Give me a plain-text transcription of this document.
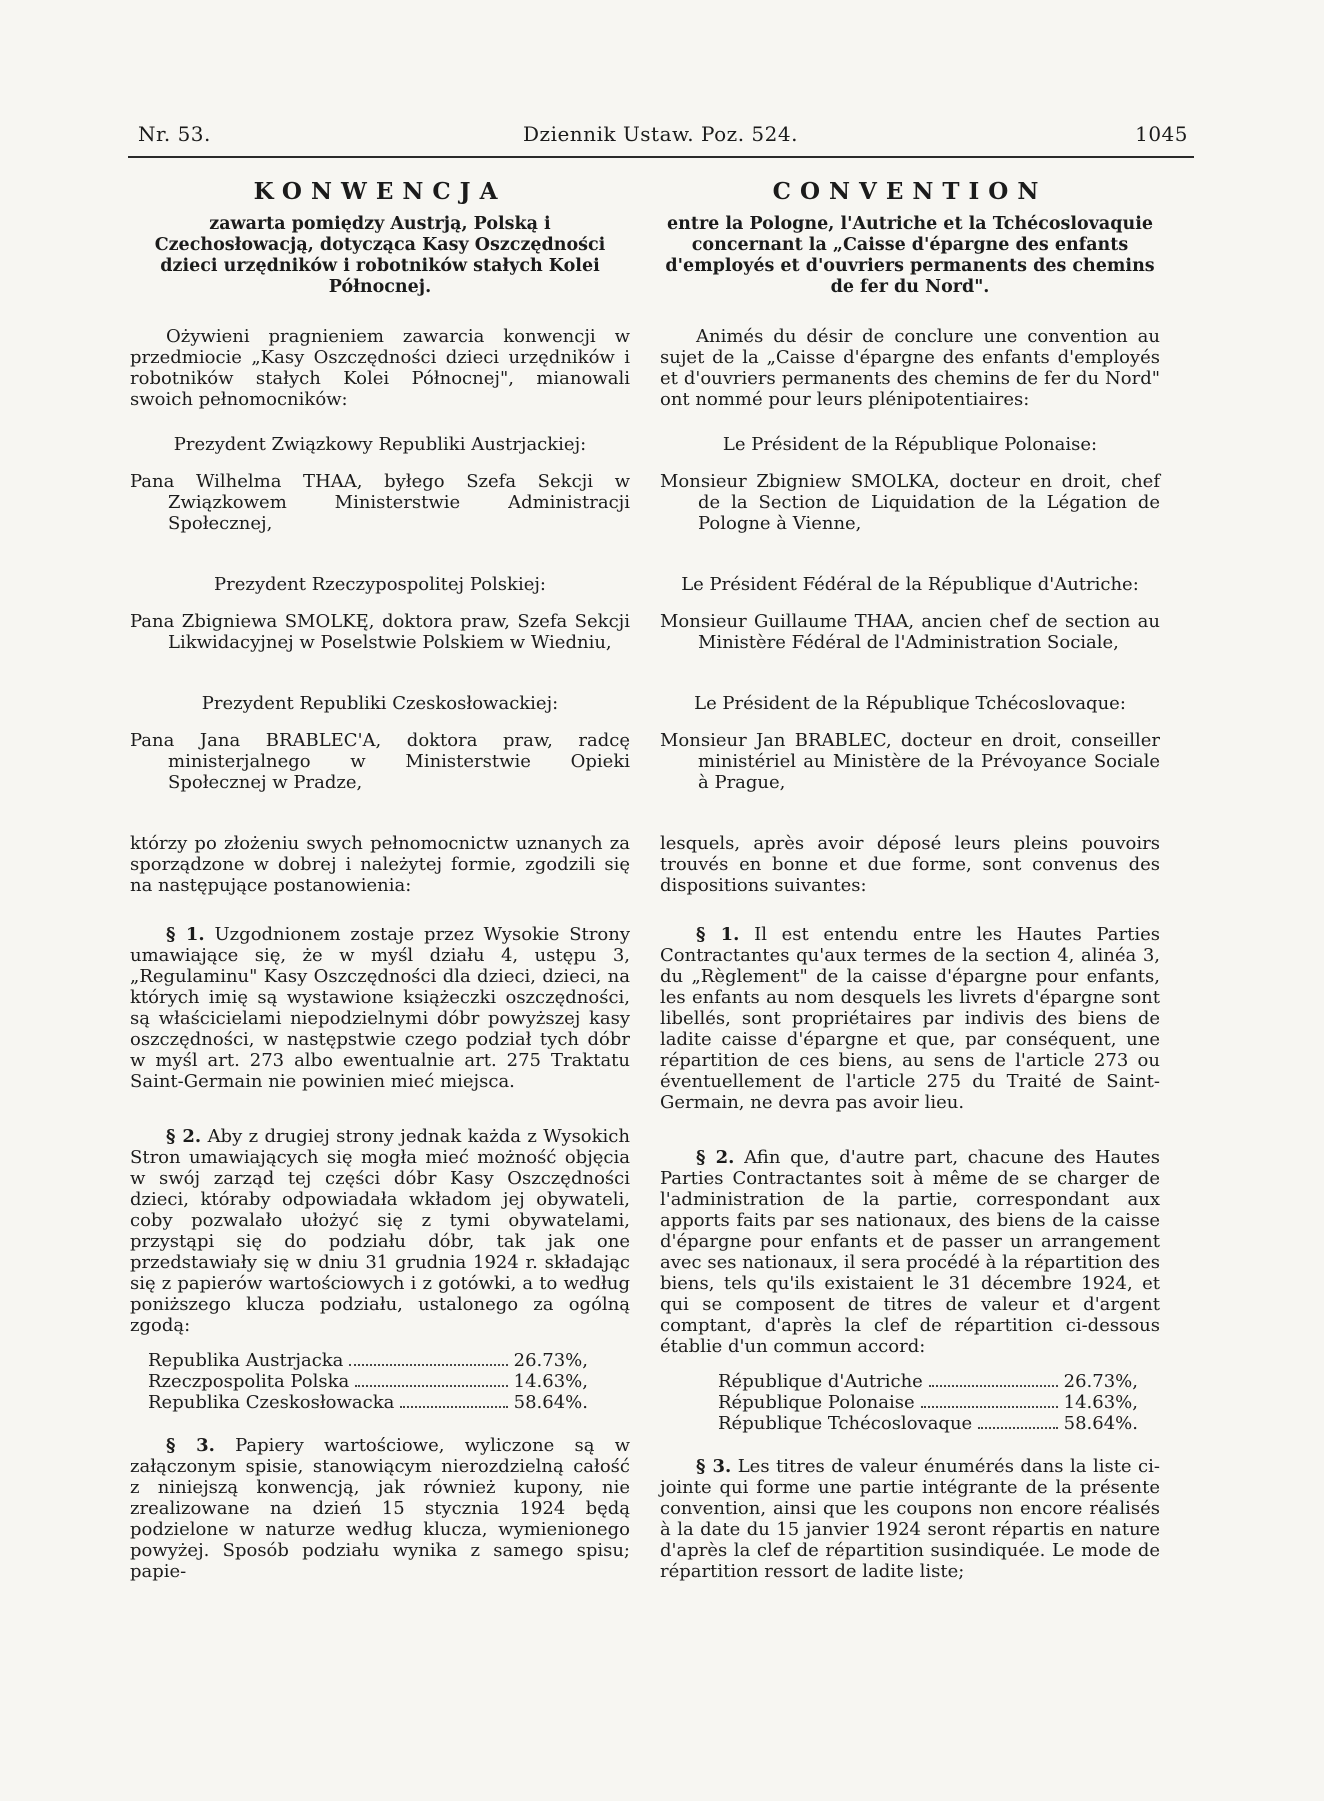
Nr. 53.	Dziennik Ustaw. Poz. 524.	1045
KONWENCJA
zawarta pomiędzy Austrją, Polską i Czechosłowacją, dotycząca Kasy Oszczędności dzieci urzędników i robotników stałych Kolei Północnej.

Ożywieni pragnieniem zawarcia konwencji w przedmiocie „Kasy Oszczędności dzieci urzędników i robotników stałych Kolei Północnej", mianowali swoich pełnomocników:

Prezydent Związkowy Republiki Austrjackiej:

Pana Wilhelma THAA, byłego Szefa Sekcji w Związkowem Ministerstwie Administracji Społecznej,

Prezydent Rzeczypospolitej Polskiej:

Pana Zbigniewa SMOLKĘ, doktora praw, Szefa Sekcji Likwidacyjnej w Poselstwie Polskiem w Wiedniu,

Prezydent Republiki Czeskosłowackiej:

Pana Jana BRABLEC'A, doktora praw, radcę ministerjalnego w Ministerstwie Opieki Społecznej w Pradze,

którzy po złożeniu swych pełnomocnictw uznanych za sporządzone w dobrej i należytej formie, zgodzili się na następujące postanowienia:

§ 1. Uzgodnionem zostaje przez Wysokie Strony umawiające się, że w myśl działu 4, ustępu 3, „Regulaminu" Kasy Oszczędności dla dzieci, dzieci, na których imię są wystawione książeczki oszczędności, są właścicielami niepodzielnymi dóbr powyższej kasy oszczędności, w następstwie czego podział tych dóbr w myśl art. 273 albo ewentualnie art. 275 Traktatu Saint-Germain nie powinien mieć miejsca.

§ 2. Aby z drugiej strony jednak każda z Wysokich Stron umawiających się mogła mieć możność objęcia w swój zarząd tej części dóbr Kasy Oszczędności dzieci, któraby odpowiadała wkładom jej obywateli, coby pozwalało ułożyć się z tymi obywatelami, przystąpi się do podziału dóbr, tak jak one przedstawiały się w dniu 31 grudnia 1924 r. składając się z papierów wartościowych i z gotówki, a to według poniższego klucza podziału, ustalonego za ogólną zgodą:

Republika Austrjacka	26.73%,
Rzeczpospolita Polska	14.63%,
Republika Czeskosłowacka	58.64%.

§ 3. Papiery wartościowe, wyliczone są w załączonym spisie, stanowiącym nierozdzielną całość z niniejszą konwencją, jak również kupony, nie zrealizowane na dzień 15 stycznia 1924 będą podzielone w naturze według klucza, wymienionego powyżej. Sposób podziału wynika z samego spisu; papie-

CONVENTION
entre la Pologne, l'Autriche et la Tchécoslovaquie concernant la „Caisse d'épargne des enfants d'employés et d'ouvriers permanents des chemins de fer du Nord".

Animés du désir de conclure une convention au sujet de la „Caisse d'épargne des enfants d'employés et d'ouvriers permanents des chemins de fer du Nord" ont nommé pour leurs plénipotentiaires:

Le Président de la République Polonaise:

Monsieur Zbigniew SMOLKA, docteur en droit, chef de la Section de Liquidation de la Légation de Pologne à Vienne,

Le Président Fédéral de la République d'Autriche:

Monsieur Guillaume THAA, ancien chef de section au Ministère Fédéral de l'Administration Sociale,

Le Président de la République Tchécoslovaque:

Monsieur Jan BRABLEC, docteur en droit, conseiller ministériel au Ministère de la Prévoyance Sociale à Prague,

lesquels, après avoir déposé leurs pleins pouvoirs trouvés en bonne et due forme, sont convenus des dispositions suivantes:

§ 1. Il est entendu entre les Hautes Parties Contractantes qu'aux termes de la section 4, alinéa 3, du „Règlement" de la caisse d'épargne pour enfants, les enfants au nom desquels les livrets d'épargne sont libellés, sont propriétaires par indivis des biens de ladite caisse d'épargne et que, par conséquent, une répartition de ces biens, au sens de l'article 273 ou éventuellement de l'article 275 du Traité de Saint-Germain, ne devra pas avoir lieu.

§ 2. Afin que, d'autre part, chacune des Hautes Parties Contractantes soit à même de se charger de l'administration de la partie, correspondant aux apports faits par ses nationaux, des biens de la caisse d'épargne pour enfants et de passer un arrangement avec ses nationaux, il sera procédé à la répartition des biens, tels qu'ils existaient le 31 décembre 1924, et qui se composent de titres de valeur et d'argent comptant, d'après la clef de répartition ci-dessous établie d'un commun accord:

République d'Autriche	26.73%,
République Polonaise	14.63%,
République Tchécoslovaque	58.64%.

§ 3. Les titres de valeur énumérés dans la liste ci-jointe qui forme une partie intégrante de la présente convention, ainsi que les coupons non encore réalisés à la date du 15 janvier 1924 seront répartis en nature d'après la clef de répartition susindiquée. Le mode de répartition ressort de ladite liste;
